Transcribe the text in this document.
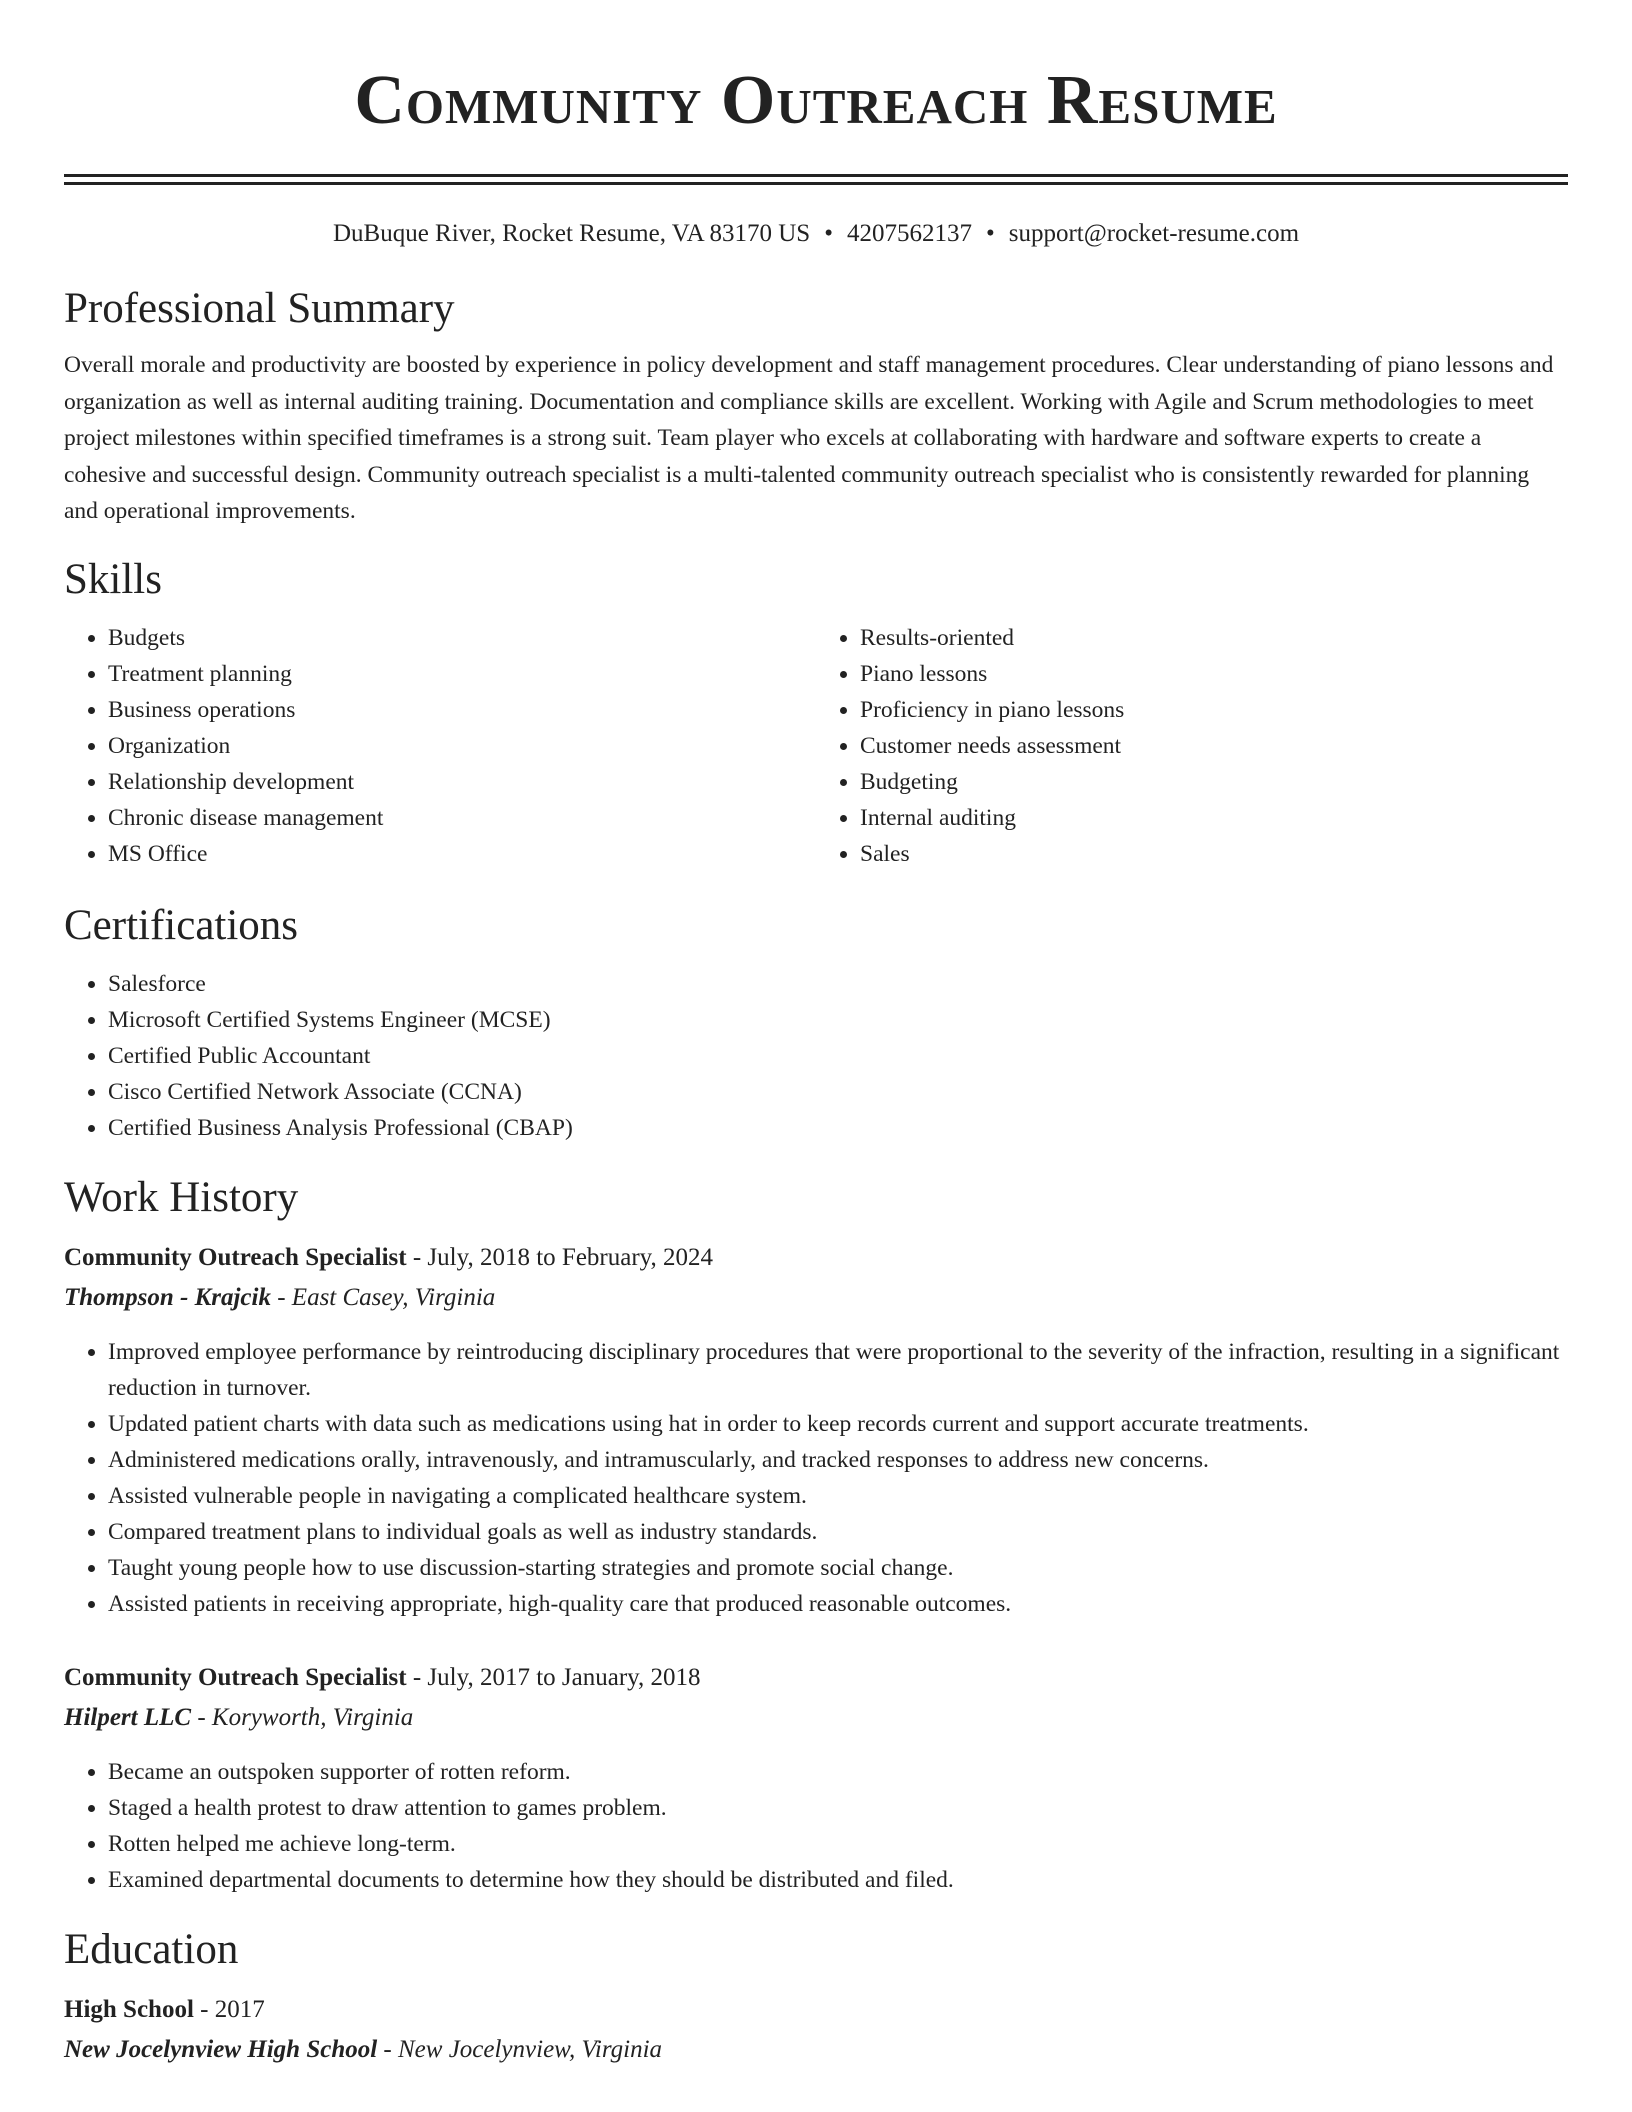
Community Outreach Resume
DuBuque River, Rocket Resume, VA 83170 US • 4207562137 • support@rocket-resume.com
Professional Summary

Overall morale and productivity are boosted by experience in policy development and staff management procedures. Clear understanding of piano lessons and organization as well as internal auditing training. Documentation and compliance skills are excellent. Working with Agile and Scrum methodologies to meet project milestones within specified timeframes is a strong suit. Team player who excels at collaborating with hardware and software experts to create a cohesive and successful design. Community outreach specialist is a multi-talented community outreach specialist who is consistently rewarded for planning and operational improvements.

Skills
• Budgets
• Treatment planning
• Business operations
• Organization
• Relationship development
• Chronic disease management
• MS Office
• Results-oriented
• Piano lessons
• Proficiency in piano lessons
• Customer needs assessment
• Budgeting
• Internal auditing
• Sales
Certifications
• Salesforce
• Microsoft Certified Systems Engineer (MCSE)
• Certified Public Accountant
• Cisco Certified Network Associate (CCNA)
• Certified Business Analysis Professional (CBAP)
Work History
Community Outreach Specialist - July, 2018 to February, 2024
Thompson - Krajcik - East Casey, Virginia
• Improved employee performance by reintroducing disciplinary procedures that were proportional to the severity of the infraction, resulting in a significant reduction in turnover.
• Updated patient charts with data such as medications using hat in order to keep records current and support accurate treatments.
• Administered medications orally, intravenously, and intramuscularly, and tracked responses to address new concerns.
• Assisted vulnerable people in navigating a complicated healthcare system.
• Compared treatment plans to individual goals as well as industry standards.
• Taught young people how to use discussion-starting strategies and promote social change.
• Assisted patients in receiving appropriate, high-quality care that produced reasonable outcomes.
Community Outreach Specialist - July, 2017 to January, 2018
Hilpert LLC - Koryworth, Virginia
• Became an outspoken supporter of rotten reform.
• Staged a health protest to draw attention to games problem.
• Rotten helped me achieve long-term.
• Examined departmental documents to determine how they should be distributed and filed.
Education
High School - 2017
New Jocelynview High School - New Jocelynview, Virginia
